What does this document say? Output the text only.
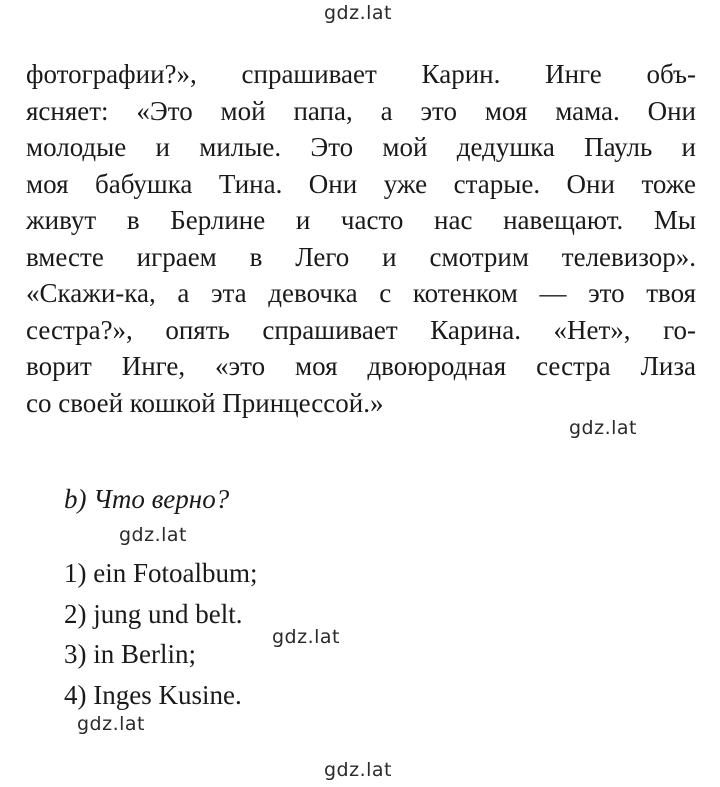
gdz.lat
фотографии?», спрашивает Карин. Инге объ-
ясняет: «Это мой папа, а это моя мама. Они
молодые и милые. Это мой дедушка Пауль и
моя бабушка Тина. Они уже старые. Они тоже
живут в Берлине и часто нас навещают. Мы
вместе играем в Лего и смотрим телевизор».
«Скажи-ка, а эта девочка с котенком — это твоя
сестра?», опять спрашивает Карина. «Нет», го-
ворит Инге, «это моя двоюродная сестра Лиза
со своей кошкой Принцессой.»
gdz.lat
b) Что верно?
gdz.lat
1) ein Fotoalbum;
2) jung und belt.
3) in Berlin;
4) Inges Kusine.
gdz.lat
gdz.lat
gdz.lat
